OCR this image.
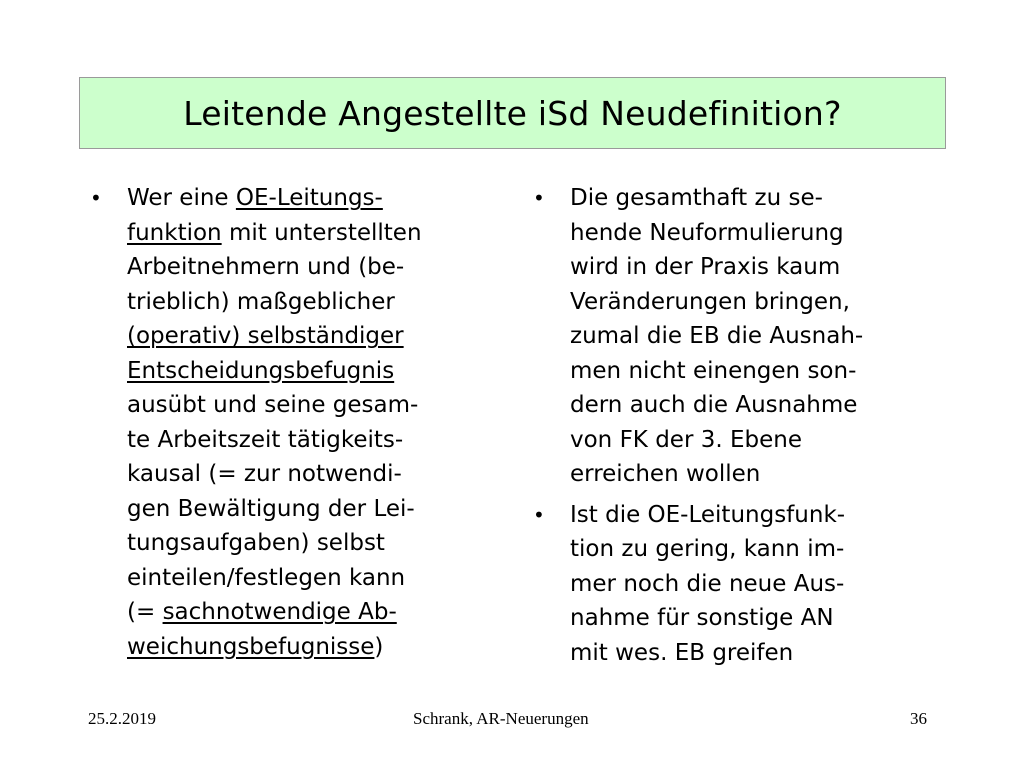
Leitende Angestellte iSd Neudefinition?
• Wer eine OE-Leitungs-
funktion mit unterstellten
Arbeitnehmern und (be-
trieblich) maßgeblicher
(operativ) selbständiger
Entscheidungsbefugnis
ausübt und seine gesam-
te Arbeitszeit tätigkeits-
kausal (= zur notwendi-
gen Bewältigung der Lei-
tungsaufgaben) selbst
einteilen/festlegen kann
(= sachnotwendige Ab-
weichungsbefugnisse)
• Die gesamthaft zu se-
hende Neuformulierung
wird in der Praxis kaum
Veränderungen bringen,
zumal die EB die Ausnah-
men nicht einengen son-
dern auch die Ausnahme
von FK der 3. Ebene
erreichen wollen
• Ist die OE-Leitungsfunk-
tion zu gering, kann im-
mer noch die neue Aus-
nahme für sonstige AN
mit wes. EB greifen
25.2.2019	Schrank, AR-Neuerungen	36
